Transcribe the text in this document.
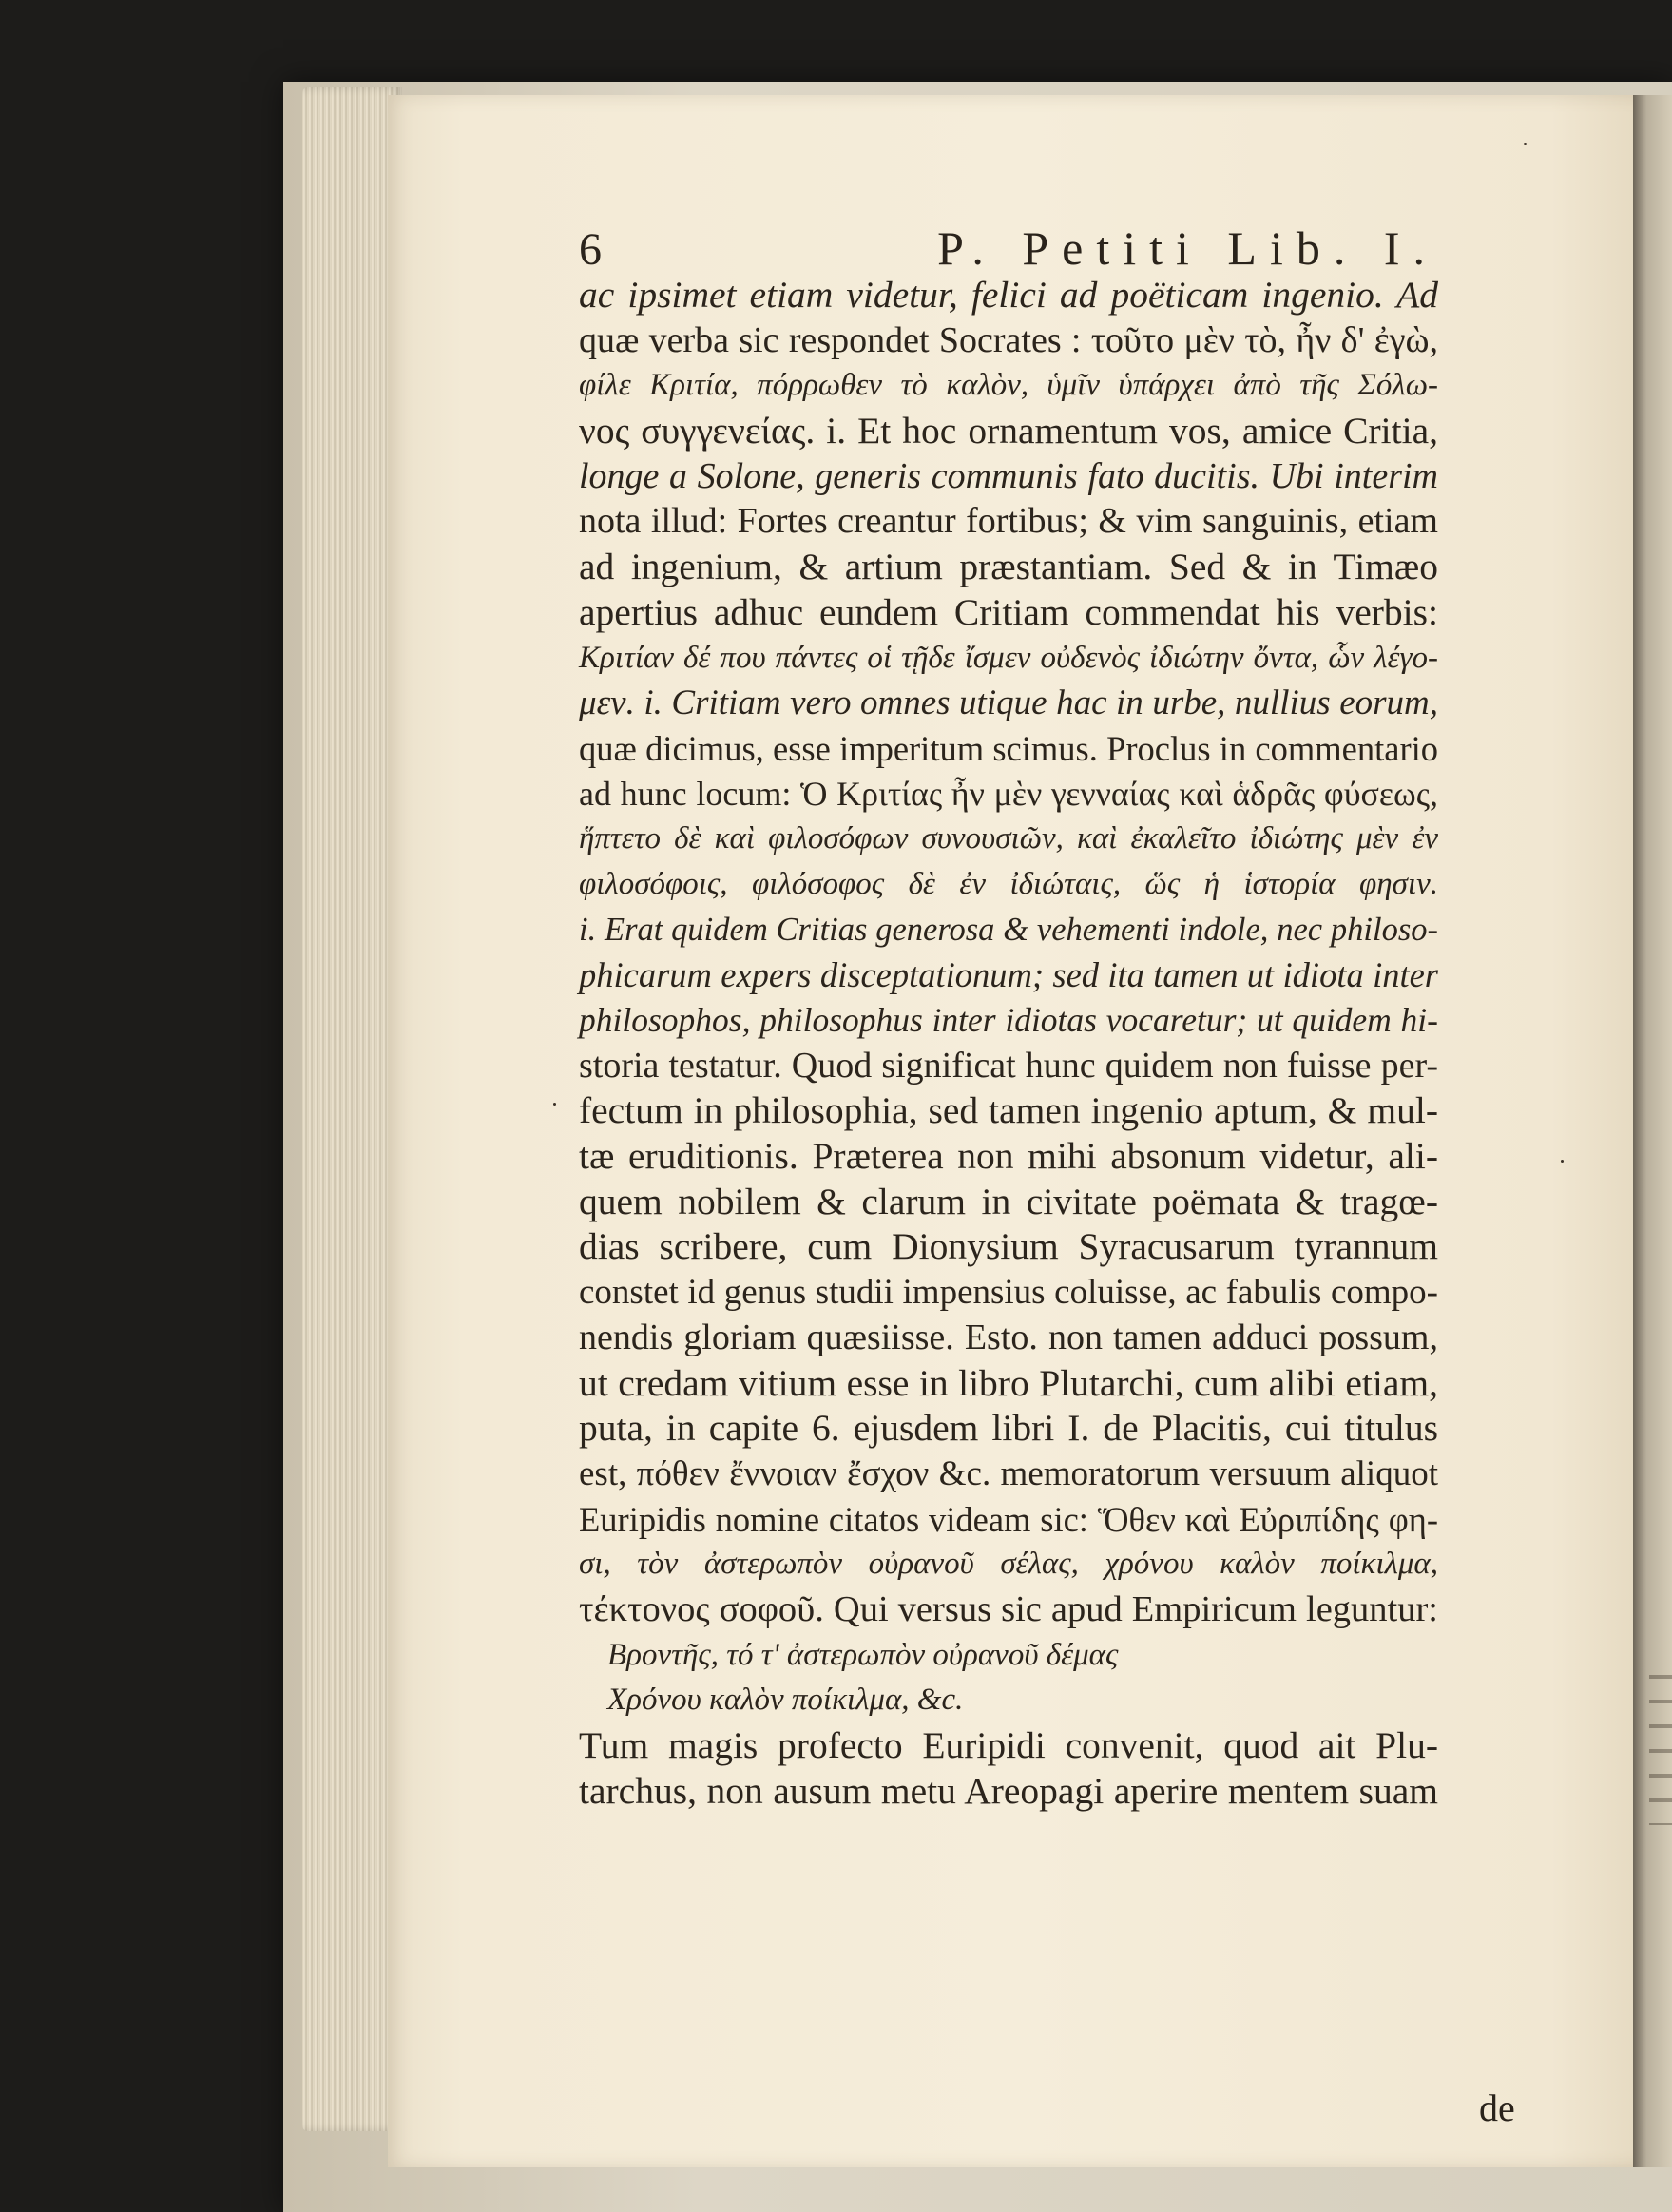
6	P. Petiti Lib. I.
ac ipsimet etiam videtur, felici ad poëticam ingenio. Ad
quæ verba sic respondet Socrates : τοῦτο μὲν τὸ, ἦν δ' ἐγὼ,
φίλε Κριτία, πόρρωθεν τὸ καλὸν, ὑμῖν ὑπάρχει ἀπὸ τῆς Σόλω-
νος συγγενείας. i. Et hoc ornamentum vos, amice Critia,
longe a Solone, generis communis fato ducitis. Ubi interim
nota illud: Fortes creantur fortibus; & vim sanguinis, etiam
ad ingenium, & artium præstantiam. Sed & in Timæo
apertius adhuc eundem Critiam commendat his verbis:
Κριτίαν δέ που πάντες οἱ τῇδε ἴσμεν οὐδενὸς ἰδιώτην ὄντα, ὧν λέγο-
μεν. i. Critiam vero omnes utique hac in urbe, nullius eorum,
quæ dicimus, esse imperitum scimus. Proclus in commentario
ad hunc locum: Ὁ Κριτίας ἦν μὲν γενναίας καὶ ἁδρᾶς φύσεως,
ἥπτετο δὲ καὶ φιλοσόφων συνουσιῶν, καὶ ἐκαλεῖτο ἰδιώτης μὲν ἐν
φιλοσόφοις, φιλόσοφος δὲ ἐν ἰδιώταις, ὥς ἡ ἱστορία φησιν.
i. Erat quidem Critias generosa & vehementi indole, nec philoso-
phicarum expers disceptationum; sed ita tamen ut idiota inter
philosophos, philosophus inter idiotas vocaretur; ut quidem hi-
storia testatur. Quod significat hunc quidem non fuisse per-
fectum in philosophia, sed tamen ingenio aptum, & mul-
tæ eruditionis. Præterea non mihi absonum videtur, ali-
quem nobilem & clarum in civitate poëmata & tragœ-
dias scribere, cum Dionysium Syracusarum tyrannum
constet id genus studii impensius coluisse, ac fabulis compo-
nendis gloriam quæsiisse. Esto. non tamen adduci possum,
ut credam vitium esse in libro Plutarchi, cum alibi etiam,
puta, in capite 6. ejusdem libri I. de Placitis, cui titulus
est, πόθεν ἔννοιαν ἔσχον &c. memoratorum versuum aliquot
Euripidis nomine citatos videam sic: Ὅθεν καὶ Εὐριπίδης φη-
σι, τὸν ἀστερωπὸν οὐρανοῦ σέλας, χρόνου καλὸν ποίκιλμα,
τέκτονος σοφοῦ. Qui versus sic apud Empiricum leguntur:
Βροντῆς, τό τ' ἀστερωπὸν οὐρανοῦ δέμας
Χρόνου καλὸν ποίκιλμα, &c.
Tum magis profecto Euripidi convenit, quod ait Plu-
tarchus, non ausum metu Areopagi aperire mentem suam
de
